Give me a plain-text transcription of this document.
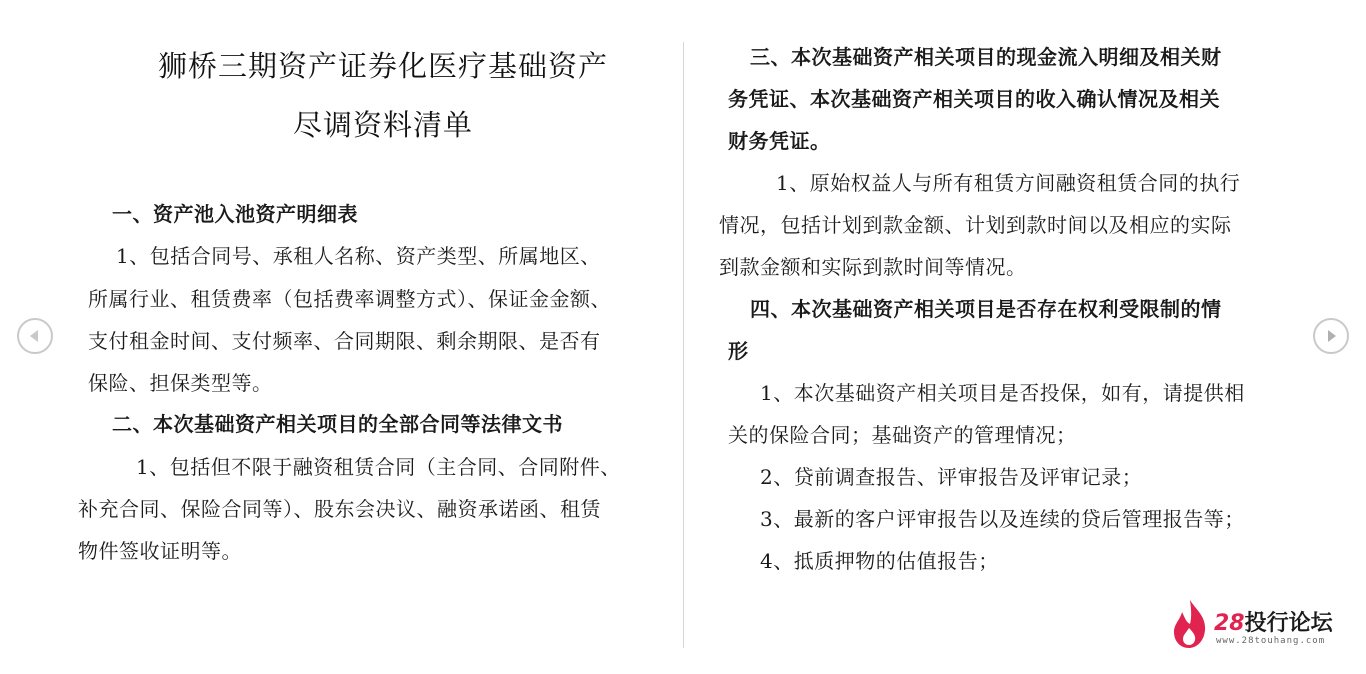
狮桥三期资产证券化医疗基础资产
尽调资料清单
一、资产池入池资产明细表
1、包括合同号、承租人名称、资产类型、所属地区、
所属行业、租赁费率（包括费率调整方式）、保证金金额、
支付租金时间、支付频率、合同期限、剩余期限、是否有
保险、担保类型等。
二、本次基础资产相关项目的全部合同等法律文书
1、包括但不限于融资租赁合同（主合同、合同附件、
补充合同、保险合同等）、股东会决议、融资承诺函、租赁
物件签收证明等。
三、本次基础资产相关项目的现金流入明细及相关财
务凭证、本次基础资产相关项目的收入确认情况及相关
财务凭证。
1、原始权益人与所有租赁方间融资租赁合同的执行
情况，包括计划到款金额、计划到款时间以及相应的实际
到款金额和实际到款时间等情况。
四、本次基础资产相关项目是否存在权利受限制的情
形
1、本次基础资产相关项目是否投保，如有，请提供相
关的保险合同；基础资产的管理情况；
2、贷前调查报告、评审报告及评审记录；
3、最新的客户评审报告以及连续的贷后管理报告等；
4、抵质押物的估值报告；
28投行论坛
www.28touhang.com
